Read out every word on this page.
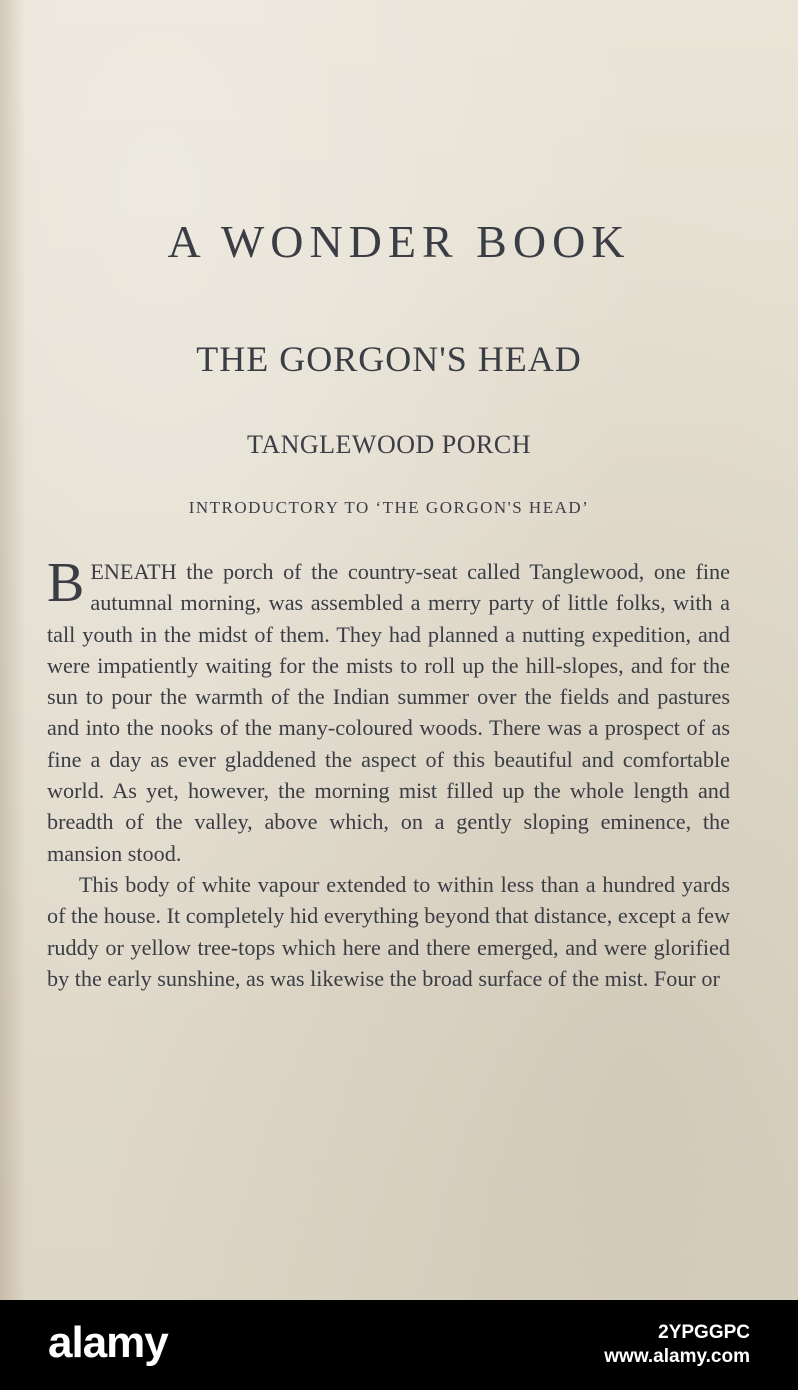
A WONDER BOOK
THE GORGON'S HEAD
TANGLEWOOD PORCH
INTRODUCTORY TO ‘THE GORGON'S HEAD’

BENEATH the porch of the country-seat called Tanglewood, one fine autumnal morning, was assembled a merry party of little folks, with a tall youth in the midst of them. They had planned a nutting expedition, and were impatiently waiting for the mists to roll up the hill-slopes, and for the sun to pour the warmth of the Indian summer over the fields and pastures and into the nooks of the many-coloured woods. There was a prospect of as fine a day as ever gladdened the aspect of this beautiful and comfortable world. As yet, however, the morning mist filled up the whole length and breadth of the valley, above which, on a gently sloping eminence, the mansion stood.

This body of white vapour extended to within less than a hundred yards of the house. It completely hid everything beyond that distance, except a few ruddy or yellow tree-tops which here and there emerged, and were glorified by the early sunshine, as was likewise the broad surface of the mist. Four or

alamy	2YPGGPC
www.alamy.com
